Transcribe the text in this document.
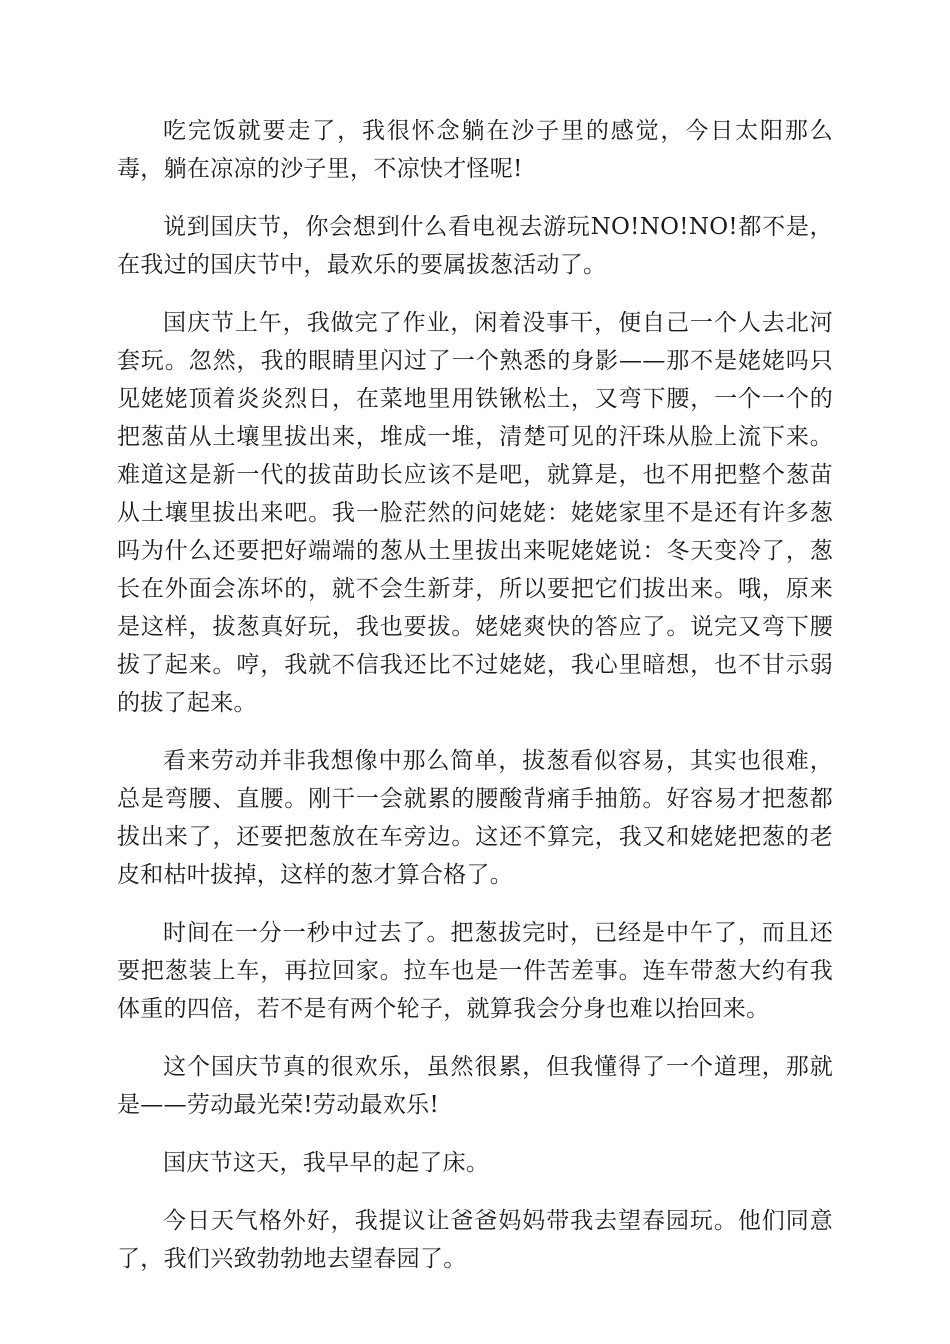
吃完饭就要走了，我很怀念躺在沙子里的感觉，今日太阳那么毒，躺在凉凉的沙子里，不凉快才怪呢!

说到国庆节，你会想到什么看电视去游玩NO!NO!NO!都不是，在我过的国庆节中，最欢乐的要属拔葱活动了。

国庆节上午，我做完了作业，闲着没事干，便自己一个人去北河套玩。忽然，我的眼睛里闪过了一个熟悉的身影——那不是姥姥吗只见姥姥顶着炎炎烈日，在菜地里用铁锹松土，又弯下腰，一个一个的把葱苗从土壤里拔出来，堆成一堆，清楚可见的汗珠从脸上流下来。难道这是新一代的拔苗助长应该不是吧，就算是，也不用把整个葱苗从土壤里拔出来吧。我一脸茫然的问姥姥：姥姥家里不是还有许多葱吗为什么还要把好端端的葱从土里拔出来呢姥姥说：冬天变冷了，葱长在外面会冻坏的，就不会生新芽，所以要把它们拔出来。哦，原来是这样，拔葱真好玩，我也要拔。姥姥爽快的答应了。说完又弯下腰拔了起来。哼，我就不信我还比不过姥姥，我心里暗想，也不甘示弱的拔了起来。

看来劳动并非我想像中那么简单，拔葱看似容易，其实也很难，总是弯腰、直腰。刚干一会就累的腰酸背痛手抽筋。好容易才把葱都拔出来了，还要把葱放在车旁边。这还不算完，我又和姥姥把葱的老皮和枯叶拔掉，这样的葱才算合格了。

时间在一分一秒中过去了。把葱拔完时，已经是中午了，而且还要把葱装上车，再拉回家。拉车也是一件苦差事。连车带葱大约有我体重的四倍，若不是有两个轮子，就算我会分身也难以抬回来。

这个国庆节真的很欢乐，虽然很累，但我懂得了一个道理，那就是——劳动最光荣!劳动最欢乐!

国庆节这天，我早早的起了床。

今日天气格外好，我提议让爸爸妈妈带我去望春园玩。他们同意了，我们兴致勃勃地去望春园了。
